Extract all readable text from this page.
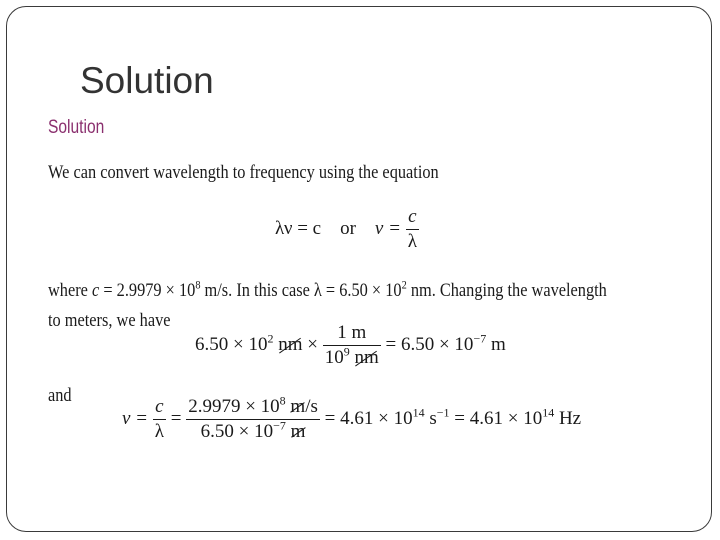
Solution
Solution
We can convert wavelength to frequency using the equation
λν = c or $\nu = \frac{c}{\lambda}$
where $c = 2.9979 \times 10^8$ m/s. In this case $\lambda = 6.50 \times 10^2$ nm. Changing the wavelength
to meters, we have
$6.50 \times 10^2$ nm × $\frac{1 m}{10^9 nm} = 6.50 \times 10^{-7}$ m
and
$\nu = \frac{c}{\lambda} = \frac{2.9979 \times 10^8 m/s}{6.50 \times 10^{-7} m} = 4.61 \times 10^{14}$ $s^{-1} = 4.61 \times 10^{14}$ Hz
